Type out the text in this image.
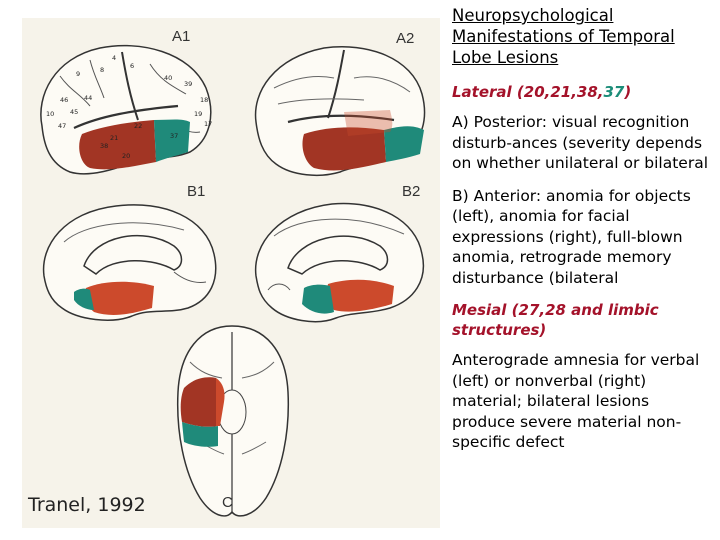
4
8	6
9
46
10
44
45
47	22
38
20
21	37
19
18
17
40
39
A1	A2
B1	B2
C
Tranel, 1992

Neuropsychological Manifestations of Temporal Lobe Lesions

Lateral (20,21,38,37)
A) Posterior: visual recognition disturb-ances (severity depends on whether unilateral or bilateral
B) Anterior: anomia for objects (left), anomia for facial expressions (right), full-blown anomia, retrograde memory disturbance (bilateral
Mesial (27,28 and limbic structures)
Anterograde amnesia for verbal (left) or nonverbal (right) material; bilateral lesions produce severe material non-specific defect
